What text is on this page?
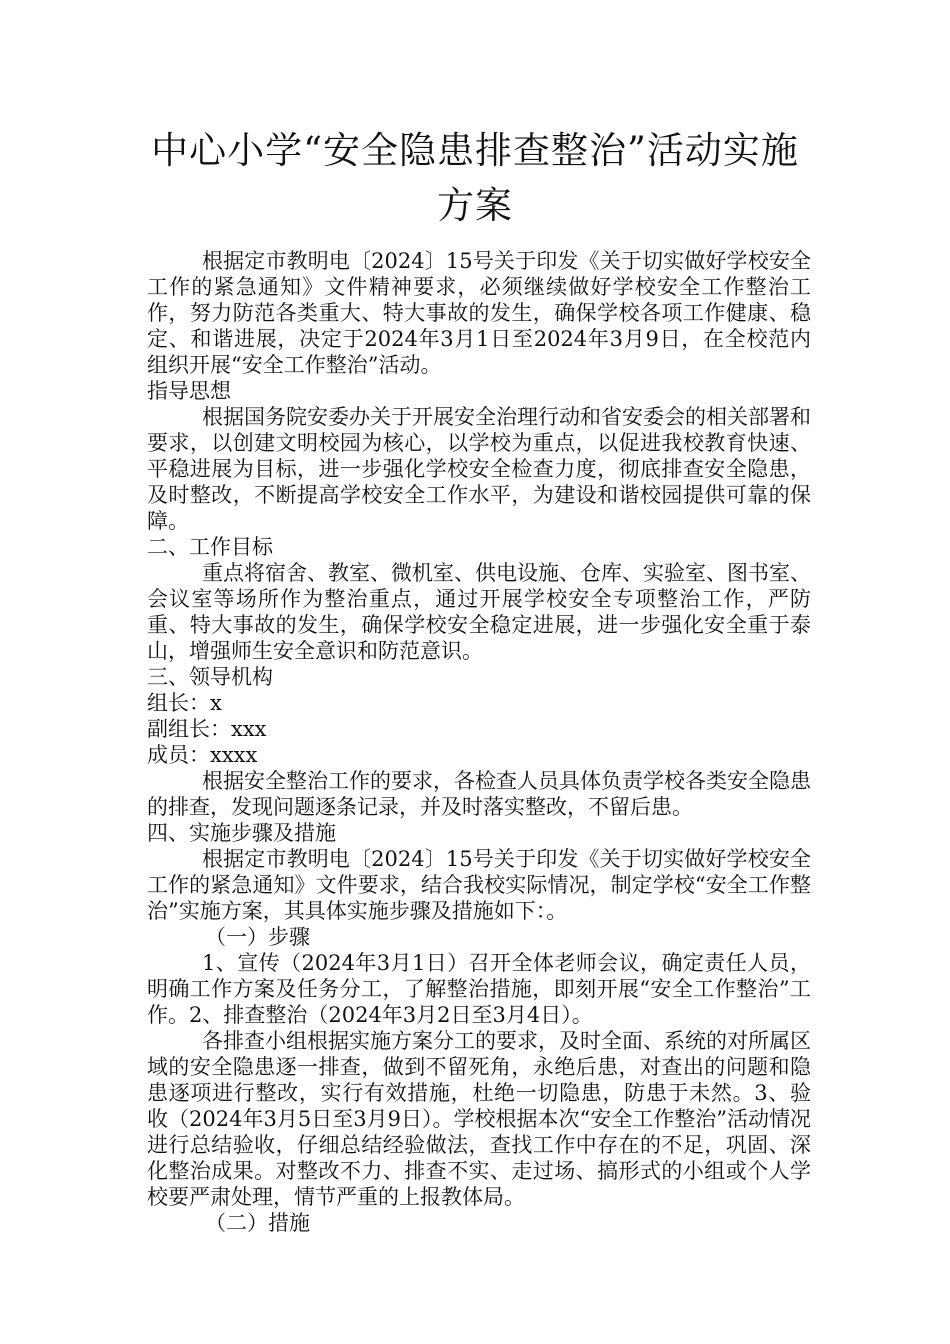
中心小学“安全隐患排查整治”活动实施
方案

根据定市教明电〔2024〕15号关于印发《关于切实做好学校安全工作的紧急通知》文件精神要求，必须继续做好学校安全工作整治工作，努力防范各类重大、特大事故的发生，确保学校各项工作健康、稳定、和谐进展，决定于2024年3月1日至2024年3月9日，在全校范内组织开展“安全工作整治”活动。

指导思想

根据国务院安委办关于开展安全治理行动和省安委会的相关部署和要求，以创建文明校园为核心，以学校为重点，以促进我校教育快速、平稳进展为目标，进一步强化学校安全检查力度，彻底排查安全隐患，及时整改，不断提高学校安全工作水平，为建设和谐校园提供可靠的保障。

二、工作目标

重点将宿舍、教室、微机室、供电设施、仓库、实验室、图书室、会议室等场所作为整治重点，通过开展学校安全专项整治工作，严防重、特大事故的发生，确保学校安全稳定进展，进一步强化安全重于泰山，增强师生安全意识和防范意识。

三、领导机构

组长：x

副组长：xxx

成员：xxxx

根据安全整治工作的要求，各检查人员具体负责学校各类安全隐患的排查，发现问题逐条记录，并及时落实整改，不留后患。

四、实施步骤及措施

根据定市教明电〔2024〕15号关于印发《关于切实做好学校安全工作的紧急通知》文件要求，结合我校实际情况，制定学校“安全工作整治”实施方案，其具体实施步骤及措施如下：。

（一）步骤

1、宣传（2024年3月1日）召开全体老师会议，确定责任人员，明确工作方案及任务分工，了解整治措施，即刻开展“安全工作整治”工作。2、排查整治（2024年3月2日至3月4日）。

各排查小组根据实施方案分工的要求，及时全面、系统的对所属区域的安全隐患逐一排查，做到不留死角，永绝后患，对查出的问题和隐患逐项进行整改，实行有效措施，杜绝一切隐患，防患于未然。3、验收（2024年3月5日至3月9日）。学校根据本次“安全工作整治”活动情况进行总结验收，仔细总结经验做法，查找工作中存在的不足，巩固、深化整治成果。对整改不力、排查不实、走过场、搞形式的小组或个人学校要严肃处理，情节严重的上报教体局。

（二）措施
